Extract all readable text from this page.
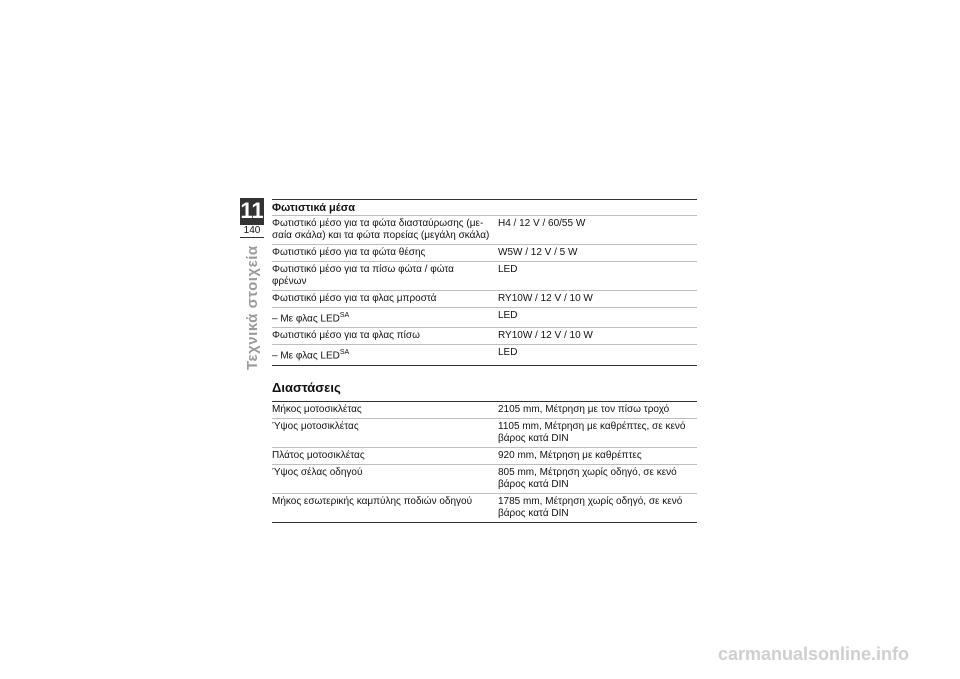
11
140
Τεχνικά στοιχεία
Φωτιστικά μέσα
Φωτιστικό μέσο για τα φώτα διασταύρωσης (με-σαία σκάλα) και τα φώτα πορείας (μεγάλη σκάλα)	H4 / 12 V / 60/55 W
Φωτιστικό μέσο για τα φώτα θέσης	W5W / 12 V / 5 W
Φωτιστικό μέσο για τα πίσω φώτα / φώτα φρένων	LED
Φωτιστικό μέσο για τα φλας μπροστά	RY10W / 12 V / 10 W
– Με φλας $LED^{SA}$	LED
Φωτιστικό μέσο για τα φλας πίσω	RY10W / 12 V / 10 W
– Με φλας $LED^{SA}$	LED
Διαστάσεις
Μήκος μοτοσικλέτας	2105 mm, Μέτρηση με τον πίσω τροχό
Ύψος μοτοσικλέτας	1105 mm, Μέτρηση με καθρέπτες, σε κενό βάρος κατά DIN
Πλάτος μοτοσικλέτας	920 mm, Μέτρηση με καθρέπτες
Ύψος σέλας οδηγού	805 mm, Μέτρηση χωρίς οδηγό, σε κενό βάρος κατά DIN
Μήκος εσωτερικής καμπύλης ποδιών οδηγού	1785 mm, Μέτρηση χωρίς οδηγό, σε κενό βάρος κατά DIN
carmanualsonline.info
